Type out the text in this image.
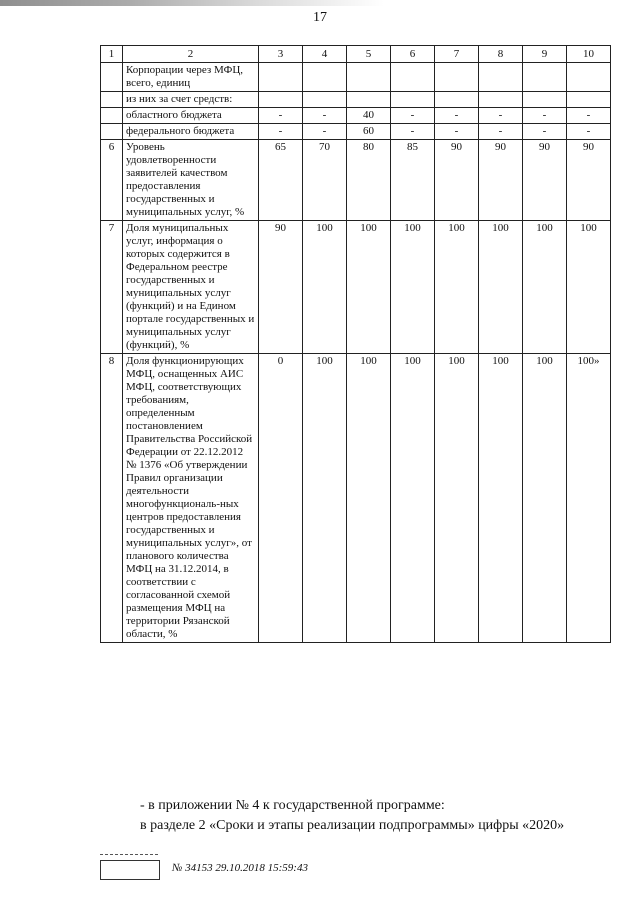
17
1	2	3	4	5	6	7	8	9	10
	Корпорации через МФЦ, всего, единиц								
	из них за счет средств:								
	областного бюджета	-	-	40	-	-	-	-	-
	федерального бюджета	-	-	60	-	-	-	-	-
6	Уровень удовлетворенности заявителей качеством предоставления государственных и муниципальных услуг, %	65	70	80	85	90	90	90	90
7	Доля муниципальных услуг, информация о которых содержится в Федеральном реестре государственных и муниципальных услуг (функций) и на Едином портале государственных и муниципальных услуг (функций), %	90	100	100	100	100	100	100	100
8	Доля функционирующих МФЦ, оснащенных АИС МФЦ, соответствующих требованиям, определенным постановлением Правительства Российской Федерации от 22.12.2012 № 1376 «Об утверждении Правил организации деятельности многофункциональ-ных центров предоставления государственных и муниципальных услуг», от планового количества МФЦ на 31.12.2014, в соответствии с согласованной схемой размещения МФЦ на территории Рязанской области, %	0	100	100	100	100	100	100	100»
- в приложении № 4 к государственной программе:
в разделе 2 «Сроки и этапы реализации подпрограммы» цифры «2020»
№ 34153 29.10.2018 15:59:43
